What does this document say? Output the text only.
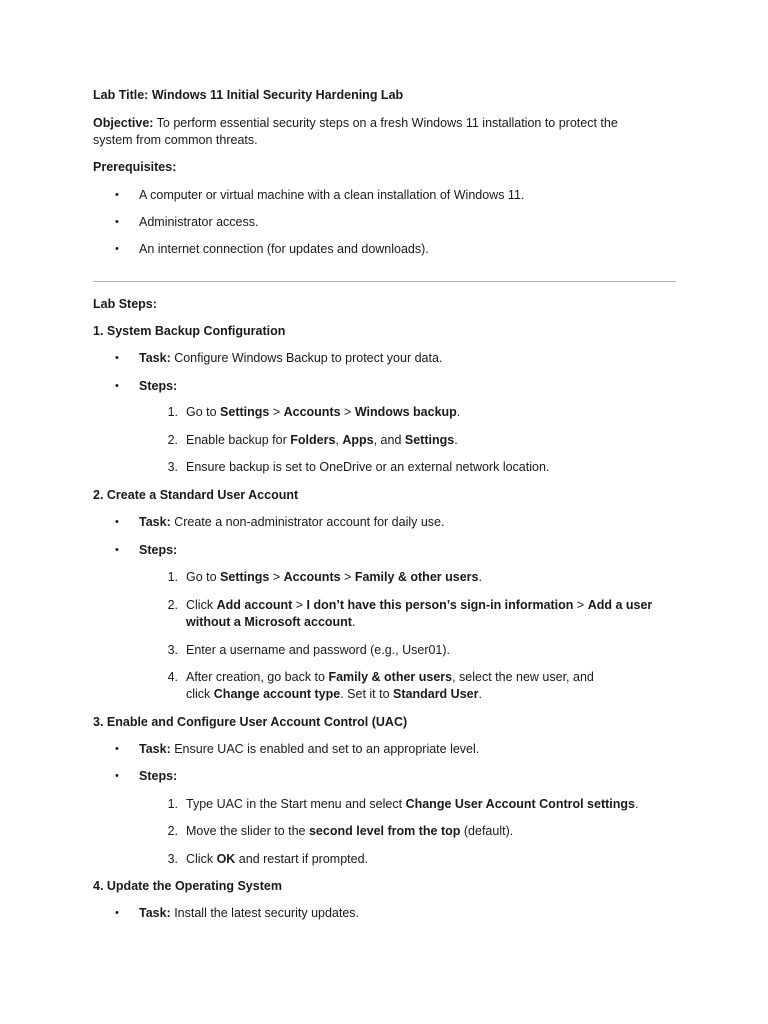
Lab Title: Windows 11 Initial Security Hardening Lab
Objective: To perform essential security steps on a fresh Windows 11 installation to protect the
system from common threats.
Prerequisites:
• A computer or virtual machine with a clean installation of Windows 11.
• Administrator access.
• An internet connection (for updates and downloads).
Lab Steps:
1. System Backup Configuration
• Task: Configure Windows Backup to protect your data.
• Steps:
1. Go to Settings > Accounts > Windows backup.
2. Enable backup for Folders, Apps, and Settings.
3. Ensure backup is set to OneDrive or an external network location.
2. Create a Standard User Account
• Task: Create a non-administrator account for daily use.
• Steps:
1. Go to Settings > Accounts > Family & other users.
2. Click Add account > I don’t have this person’s sign-in information > Add a user
without a Microsoft account.
3. Enter a username and password (e.g., User01).
4. After creation, go back to Family & other users, select the new user, and
click Change account type. Set it to Standard User.
3. Enable and Configure User Account Control (UAC)
• Task: Ensure UAC is enabled and set to an appropriate level.
• Steps:
1. Type UAC in the Start menu and select Change User Account Control settings.
2. Move the slider to the second level from the top (default).
3. Click OK and restart if prompted.
4. Update the Operating System
• Task: Install the latest security updates.
